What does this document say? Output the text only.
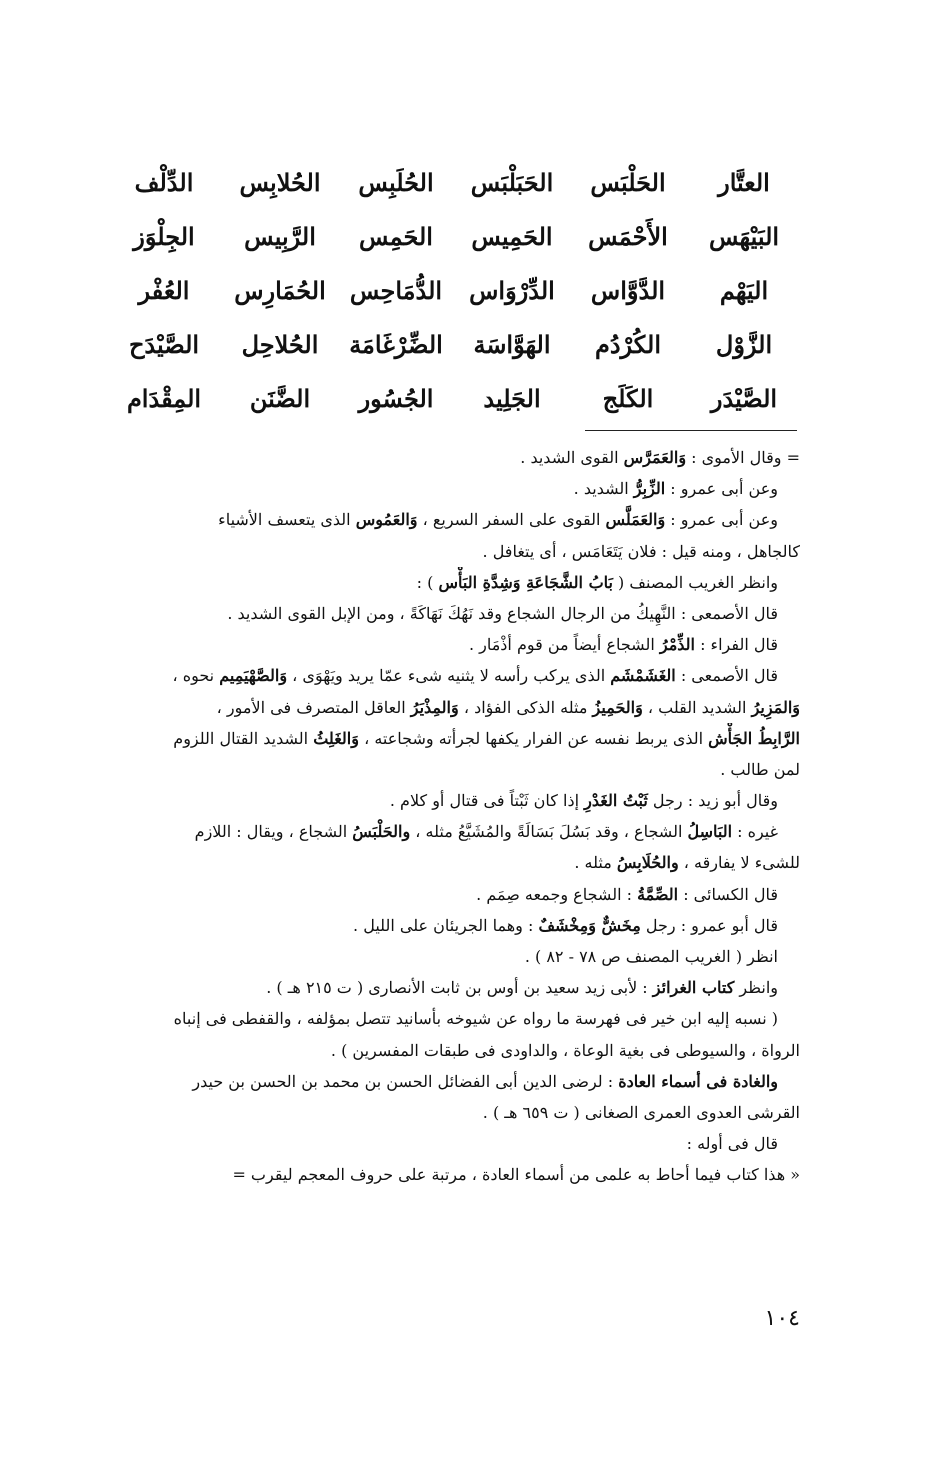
العتَّار
الحَلْبَس
الحَبَلْبَس
الحُلَبِس
الحُلابِس
الدِّلْف
البَيْهَس
الأَحْمَس
الحَمِيس
الحَمِس
الرَّبِيس
الجِلْوَز
اليَهْم
الدَّوَّاس
الدِّرْوَاس
الدُّمَاحِس
الحُمَارِس
العُفْر
الزَّوْل
الكُرْدُم
الهَوَّاسَة
الضِّرْغَامَة
الحُلاحِل
الصَّيْدَح
الصَّيْدَر
الكَلَج
الجَلِيد
الجُسُور
الضَّنَن
المِقْدَام
= وقال الأموى : وَالعَمَرَّس القوى الشديد .
وعن أبى عمرو : الزِّبِرُّ الشديد .
وعن أبى عمرو : وَالعَمَلَّس القوى على السفر السريع ، وَالعَمُوس الذى يتعسف الأشياء
كالجاهل ، ومنه قيل : فلان يَتَعَامَس ، أى يتغافل .
وانظر الغريب المصنف ( بَابُ الشَّجَاعَةِ وَشِدَّةِ البَأْس ) :
قال الأصمعى : النَّهِيكُ من الرجال الشجاع وقد نَهُكَ نَهَاكَةً ، ومن الإبل القوى الشديد .
قال الفراء : الذِّمْرُ الشجاع أيضاً من قوم أذْمَار .
قال الأصمعى : الغَشَمْشَم الذى يركب رأسه لا يثنيه شىء عمّا يريد ويَهْوَى ، وَالصَّهْيَمِيم نحوه ،
وَالمَزِيرُ الشديد القلب ، وَالحَمِيزُ مثله الذكى الفؤاد ، وَالمِذْيَرُ العاقل المتصرف فى الأمور ،
الرَّابِطُ الجَأْش الذى يربط نفسه عن الفرار يكفها لجرأته وشجاعته ، وَالغَلِثُ الشديد القتال اللزوم
لمن طالب .
وقال أبو زيد : رجل ثَبْتُ الغَدْرِ إذا كان ثَبْتاً فى قتال أو كلام .
غيره : البَاسِلُ الشجاع ، وقد بَسُلَ بَسَالَةً والمُشَيَّعُ مثله ، والحَلْبَسُ الشجاع ، ويقال : اللازم
للشىء لا يفارقه ، والحُلَابِسُ مثله .
قال الكسائى : الصِّمَّةُ : الشجاع وجمعه صِمَم .
قال أبو عمرو : رجل مِخَشٌّ وَمِخْشَفٌ : وهما الجريئان على الليل .
انظر ( الغريب المصنف ص ٧٨ - ٨٢ ) .
وانظر كتاب الغرائز : لأبى زيد سعيد بن أوس بن ثابت الأنصارى ( ت ٢١٥ هـ ) .
( نسبه إليه ابن خير فى فهرسة ما رواه عن شيوخه بأسانيد تتصل بمؤلفه ، والقفطى فى إنباه
الرواة ، والسيوطى فى بغية الوعاة ، والداودى فى طبقات المفسرين ) .
والغادة فى أسماء العادة : لرضى الدين أبى الفضائل الحسن بن محمد بن الحسن بن حيدر
القرشى العدوى العمرى الصغانى ( ت ٦٥٩ هـ ) .
قال فى أوله :
« هذا كتاب فيما أحاط به علمى من أسماء العادة ، مرتبة على حروف المعجم ليقرب =
١٠٤
